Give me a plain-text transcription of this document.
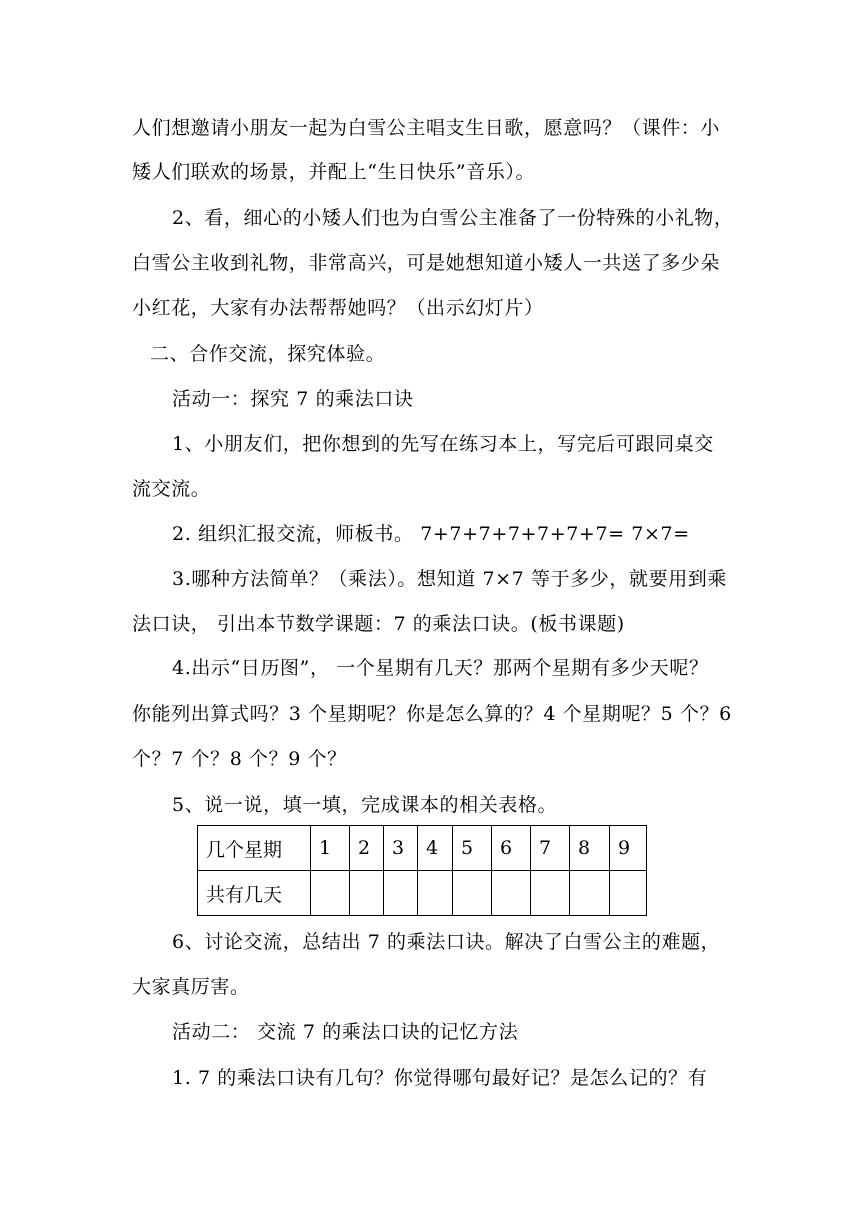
人们想邀请小朋友一起为白雪公主唱支生日歌，愿意吗？（课件：小
矮人们联欢的场景，并配上“生日快乐”音乐）。
2、看，细心的小矮人们也为白雪公主准备了一份特殊的小礼物，
白雪公主收到礼物，非常高兴，可是她想知道小矮人一共送了多少朵
小红花，大家有办法帮帮她吗？（出示幻灯片）
二、合作交流，探究体验。
活动一：探究 7 的乘法口诀
1、小朋友们，把你想到的先写在练习本上，写完后可跟同桌交
流交流。
2. 组织汇报交流，师板书。 7+7+7+7+7+7+7= 7×7=
3.哪种方法简单？（乘法）。想知道 7×7 等于多少，就要用到乘
法口诀， 引出本节数学课题：7 的乘法口诀。(板书课题)
4.出示“日历图”， 一个星期有几天？那两个星期有多少天呢？
你能列出算式吗？3 个星期呢？你是怎么算的？4 个星期呢？5 个？6
个？7 个？8 个？9 个？
5、说一说，填一填，完成课本的相关表格。
几个星期	1	2	3	4	5	6	7	8	9
共有几天									
6、讨论交流，总结出 7 的乘法口诀。解决了白雪公主的难题，
大家真厉害。
活动二： 交流 7 的乘法口诀的记忆方法
1. 7 的乘法口诀有几句？你觉得哪句最好记？是怎么记的？有
